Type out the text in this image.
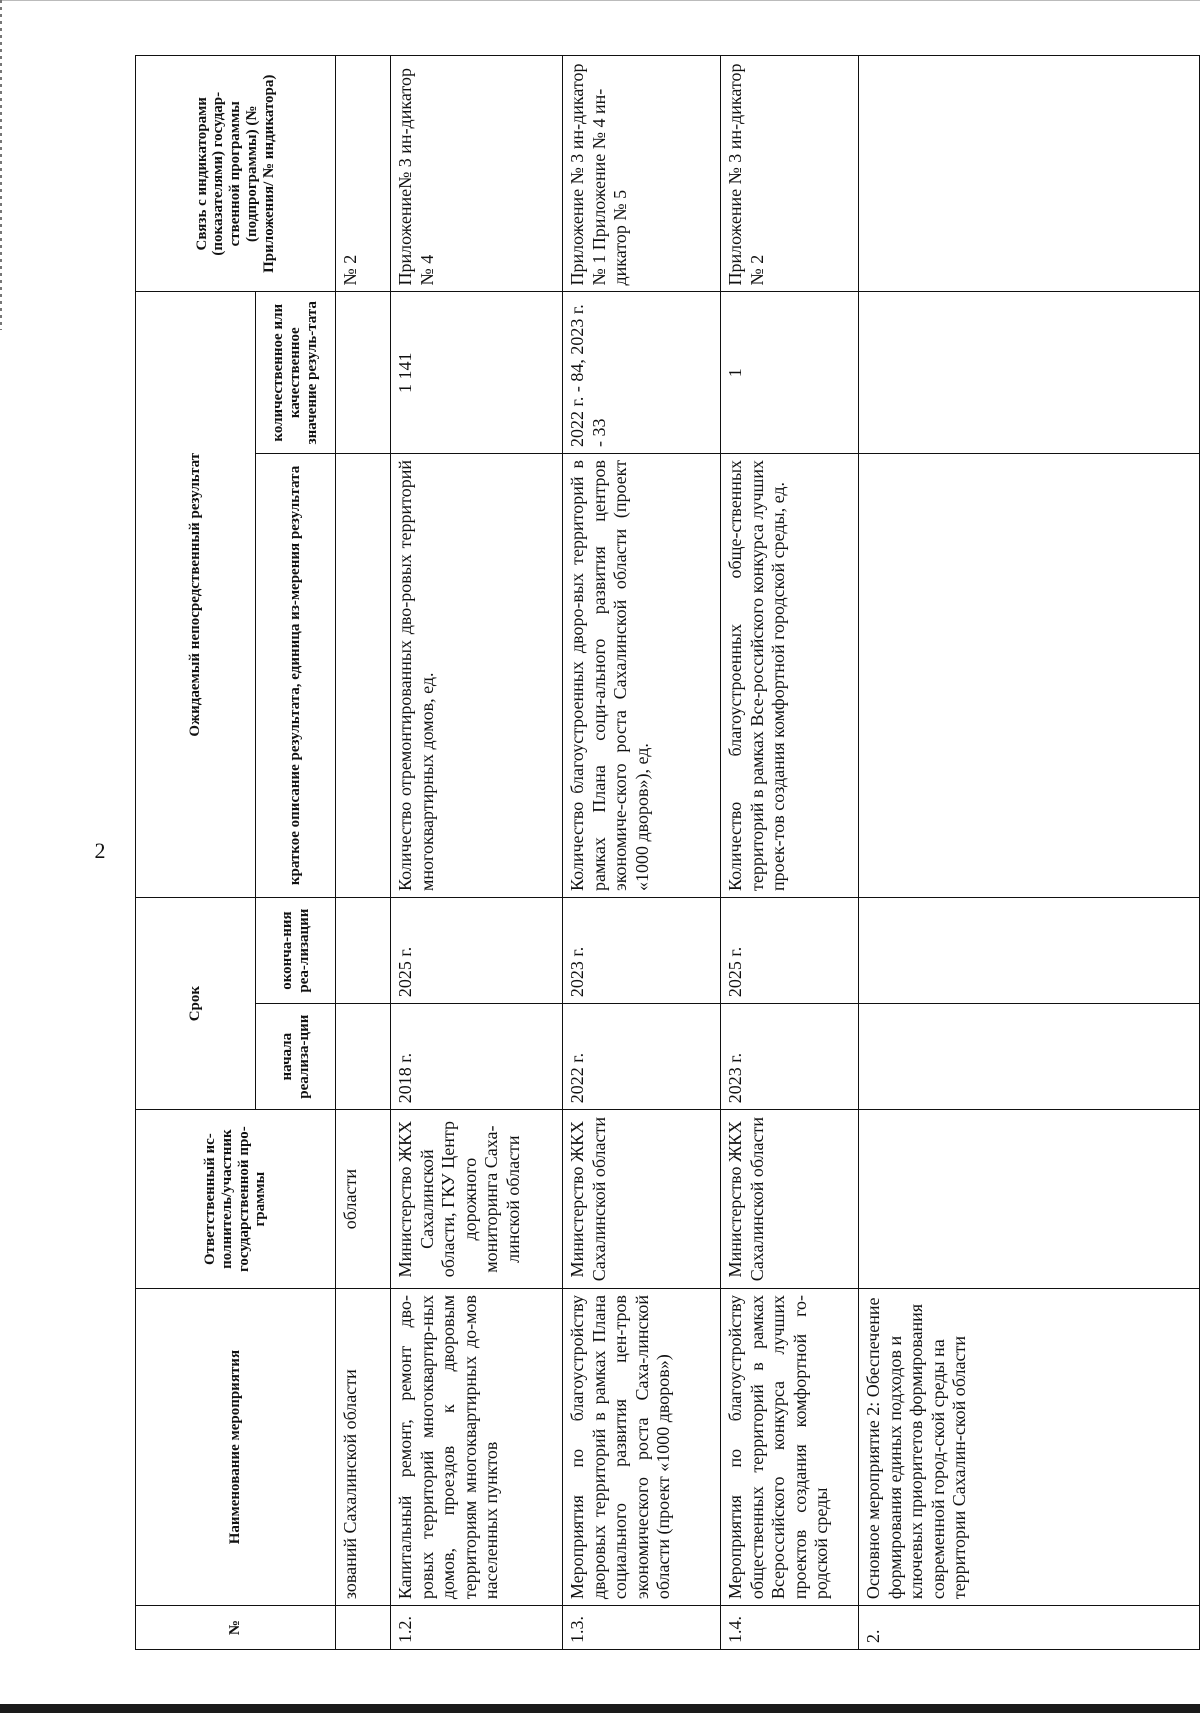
2
№	Наименование мероприятия	Ответственный ис-полнитель/участник государственной про-граммы	Срок		Ожидаемый непосредственный результат		Связь с индикаторами (показателями) государ-ственной программы (подпрограммы) (№ Приложения/ № индикатора)
			начала реализа-ции	оконча-ния реа-лизации	краткое описание результата, единица из-мерения результата	количественное или качественное значение резуль-тата	
	зований Сахалинской области	области					№ 2
1.2.	Капитальный ремонт, ремонт дво-ровых территорий многоквартир-ных домов, проездов к дворовым территориям многоквартирных до-мов населенных пунктов	Министерство ЖКХ Сахалинской области, ГКУ Центр дорожного мониторинга Саха-линской области	2018 г.	2025 г.	Количество отремонтированных дво-ровых территорий многоквартирных домов, ед.	1 141	Приложение№ 3 ин-дикатор № 4
1.3.	Мероприятия по благоустройству дворовых территорий в рамках Плана социального развития цен-тров экономического роста Саха-линской области (проект «1000 дворов»)	Министерство ЖКХ Сахалинской области	2022 г.	2023 г.	Количество благоустроенных дворо-вых территорий в рамках Плана соци-ального развития центров экономиче-ского роста Сахалинской области (проект «1000 дворов»), ед.	2022 г. - 84, 2023 г. - 33	Приложение № 3 ин-дикатор № 1 Приложение № 4 ин-дикатор № 5
1.4.	Мероприятия по благоустройству общественных территорий в рамках Всероссийского конкурса лучших проектов создания комфортной го-родской среды	Министерство ЖКХ Сахалинской области	2023 г.	2025 г.	Количество благоустроенных обще-ственных территорий в рамках Все-российского конкурса лучших проек-тов создания комфортной городской среды, ед.	1	Приложение № 3 ин-дикатор № 2
2.	Основное мероприятие 2: Обеспечение формирования единых подходов и ключевых приоритетов формирования современной город-ской среды на территории Сахалин-ской области						
